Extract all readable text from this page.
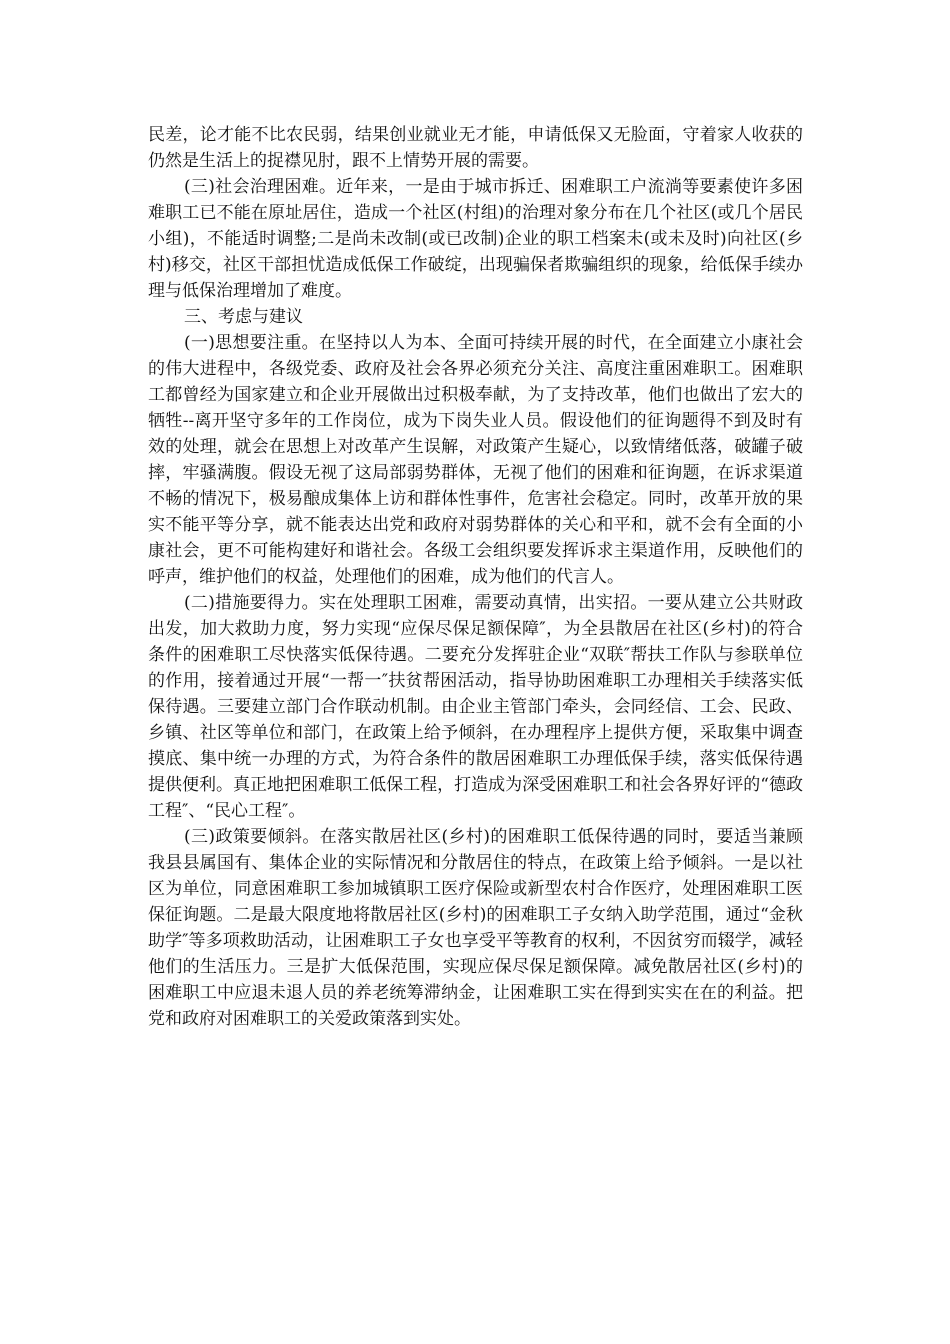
民差，论才能不比农民弱，结果创业就业无才能，申请低保又无脸面，守着家人收获的仍然是生活上的捉襟见肘，跟不上情势开展的需要。

(三)社会治理困难。近年来，一是由于城市拆迁、困难职工户流淌等要素使许多困难职工已不能在原址居住，造成一个社区(村组)的治理对象分布在几个社区(或几个居民小组)，不能适时调整;二是尚未改制(或已改制)企业的职工档案未(或未及时)向社区(乡村)移交，社区干部担忧造成低保工作破绽，出现骗保者欺骗组织的现象，给低保手续办理与低保治理增加了难度。

三、考虑与建议

(一)思想要注重。在坚持以人为本、全面可持续开展的时代，在全面建立小康社会的伟大进程中，各级党委、政府及社会各界必须充分关注、高度注重困难职工。困难职工都曾经为国家建立和企业开展做出过积极奉献，为了支持改革，他们也做出了宏大的牺牲--离开坚守多年的工作岗位，成为下岗失业人员。假设他们的征询题得不到及时有效的处理，就会在思想上对改革产生误解，对政策产生疑心，以致情绪低落，破罐子破摔，牢骚满腹。假设无视了这局部弱势群体，无视了他们的困难和征询题，在诉求渠道不畅的情况下，极易酿成集体上访和群体性事件，危害社会稳定。同时，改革开放的果实不能平等分享，就不能表达出党和政府对弱势群体的关心和平和，就不会有全面的小康社会，更不可能构建好和谐社会。各级工会组织要发挥诉求主渠道作用，反映他们的呼声，维护他们的权益，处理他们的困难，成为他们的代言人。

(二)措施要得力。实在处理职工困难，需要动真情，出实招。一要从建立公共财政出发，加大救助力度，努力实现“应保尽保足额保障″，为全县散居在社区(乡村)的符合条件的困难职工尽快落实低保待遇。二要充分发挥驻企业“双联″帮扶工作队与参联单位的作用，接着通过开展“一帮一″扶贫帮困活动，指导协助困难职工办理相关手续落实低保待遇。三要建立部门合作联动机制。由企业主管部门牵头，会同经信、工会、民政、乡镇、社区等单位和部门，在政策上给予倾斜，在办理程序上提供方便，采取集中调查摸底、集中统一办理的方式，为符合条件的散居困难职工办理低保手续，落实低保待遇提供便利。真正地把困难职工低保工程，打造成为深受困难职工和社会各界好评的“德政工程″、“民心工程″。

(三)政策要倾斜。在落实散居社区(乡村)的困难职工低保待遇的同时，要适当兼顾我县县属国有、集体企业的实际情况和分散居住的特点，在政策上给予倾斜。一是以社区为单位，同意困难职工参加城镇职工医疗保险或新型农村合作医疗，处理困难职工医保征询题。二是最大限度地将散居社区(乡村)的困难职工子女纳入助学范围，通过“金秋助学″等多项救助活动，让困难职工子女也享受平等教育的权利，不因贫穷而辍学，减轻他们的生活压力。三是扩大低保范围，实现应保尽保足额保障。减免散居社区(乡村)的困难职工中应退未退人员的养老统筹滞纳金，让困难职工实在得到实实在在的利益。把党和政府对困难职工的关爱政策落到实处。
